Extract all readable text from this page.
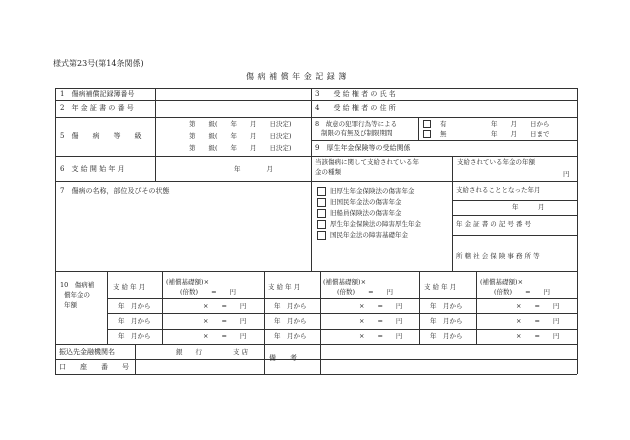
様式第23号(第14条関係)
傷 病 補 償 年 金 記 録 簿
1　傷病補償記録簿番号	3　　受 給 権 者 の 氏 名
2　年 金 証 書 の 番 号	4　　受 給 権 者 の 住 所
5　傷　　病　　等　　級
第　　級(　　年　　月　　日決定)
第　　級(　　年　　月　　日決定)
第　　級(　　年　　月　　日決定)
8　故意の犯罪行為等による
制限の有無及び制限期間
有	年　　月　　日から
無	年　　月　　日まで
9　厚生年金保険等の受給関係
6　支 給 開 始 年 月	年　　　　月
当該傷病に関して支給されている年
金の種類
支給されている年金の年額
円
7　傷病の名称，部位及びその状態	旧厚生年金保険法の傷害年金
旧国民年金法の傷害年金
旧船員保険法の傷害年金
厚生年金保険法の障害厚生年金
国民年金法の障害基礎年金
支給されることとなった年月
年　　　月
年 金 証 書 の 記 号 番 号
所 轄 社 会 保 険 事 務 所 等
10　傷病補
償年金の
年額
支 給 年 月
(補償基礎額)×
(倍数)　　=　　円
支 給 年 月
(補償基礎額)×
(倍数)　　=　　円
支 給 年 月
(補償基礎額)×
(倍数)　　=　　円
年　月から	×　　=　　円	年　月から	×　　=　　円	年　月から	×　　=　　円
年　月から	×　　=　　円	年　月から	×　　=　　円	年　月から	×　　=　　円
年　月から	×　　=　　円	年　月から	×　　=　　円	年　月から	×　　=　　円
振込先金融機関名	銀　　行	支 店
口　　座　　番　　号
備　　考
